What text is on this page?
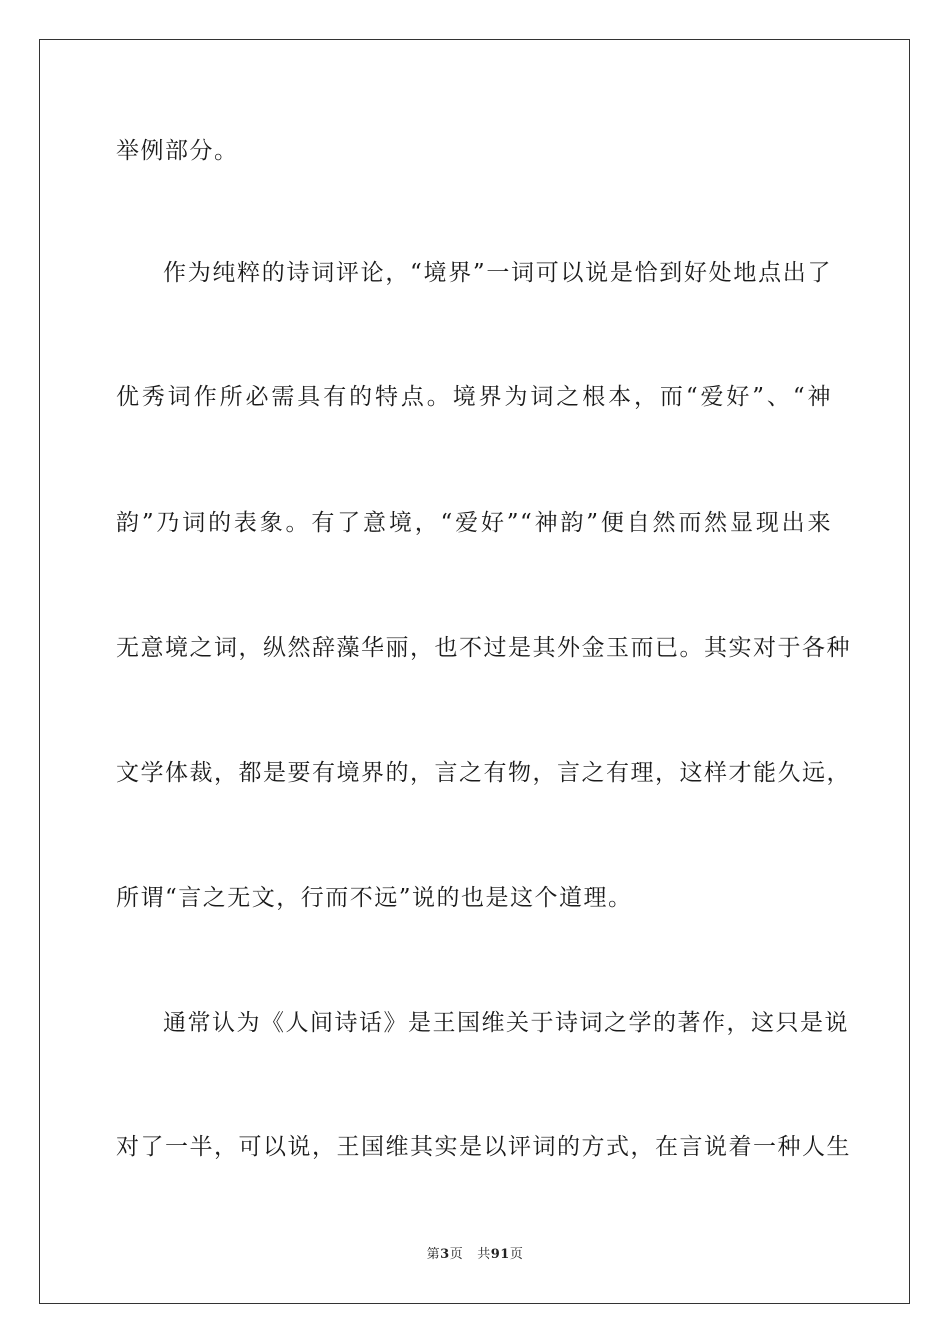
举例部分。
作为纯粹的诗词评论，“境界”一词可以说是恰到好处地点出了
优秀词作所必需具有的特点。境界为词之根本，而“爱好”、“神
韵”乃词的表象。有了意境，“爱好”“神韵”便自然而然显现出来
无意境之词，纵然辞藻华丽，也不过是其外金玉而已。其实对于各种
文学体裁，都是要有境界的，言之有物，言之有理，这样才能久远，
所谓“言之无文，行而不远”说的也是这个道理。
通常认为《人间诗话》是王国维关于诗词之学的著作，这只是说
对了一半，可以说，王国维其实是以评词的方式，在言说着一种人生
第3页 共91页
